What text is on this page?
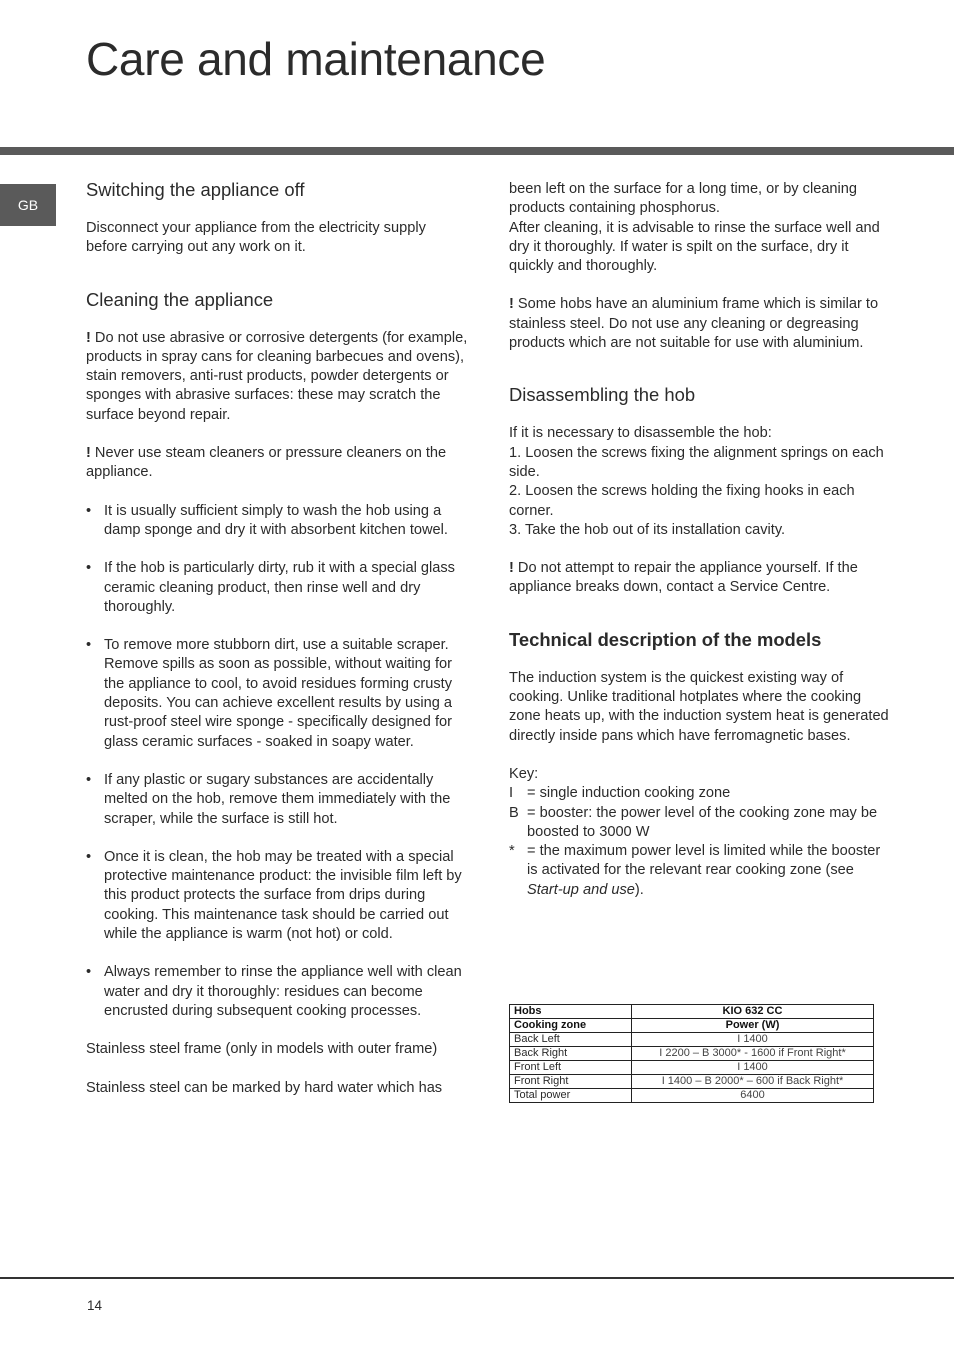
Care and maintenance
GB
Switching the appliance off

Disconnect your appliance from the electricity supply before carrying out any work on it.

Cleaning the appliance

! Do not use abrasive or corrosive detergents (for example, products in spray cans for cleaning barbecues and ovens), stain removers, anti-rust products, powder detergents or sponges with abrasive surfaces: these may scratch the surface beyond repair.

! Never use steam cleaners or pressure cleaners on the appliance.

• It is usually sufficient simply to wash the hob using a damp sponge and dry it with absorbent kitchen towel.
• If the hob is particularly dirty, rub it with a special glass ceramic cleaning product, then rinse well and dry thoroughly.
• To remove more stubborn dirt, use a suitable scraper. Remove spills as soon as possible, without waiting for the appliance to cool, to avoid residues forming crusty deposits. You can achieve excellent results by using a rust-proof steel wire sponge - specifically designed for glass ceramic surfaces - soaked in soapy water.
• If any plastic or sugary substances are accidentally melted on the hob, remove them immediately with the scraper, while the surface is still hot.
• Once it is clean, the hob may be treated with a special protective maintenance product: the invisible film left by this product protects the surface from drips during cooking. This maintenance task should be carried out while the appliance is warm (not hot) or cold.
• Always remember to rinse the appliance well with clean water and dry it thoroughly: residues can become encrusted during subsequent cooking processes.

Stainless steel frame (only in models with outer frame)

Stainless steel can be marked by hard water which has

been left on the surface for a long time, or by cleaning products containing phosphorus.

After cleaning, it is advisable to rinse the surface well and dry it thoroughly. If water is spilt on the surface, dry it quickly and thoroughly.

! Some hobs have an aluminium frame which is similar to stainless steel. Do not use any cleaning or degreasing products which are not suitable for use with aluminium.

Disassembling the hob

If it is necessary to disassemble the hob:

1. Loosen the screws fixing the alignment springs on each side.

2. Loosen the screws holding the fixing hooks in each corner.

3. Take the hob out of its installation cavity.

! Do not attempt to repair the appliance yourself. If the appliance breaks down, contact a Service Centre.

Technical description of the models

The induction system is the quickest existing way of cooking. Unlike traditional hotplates where the cooking zone heats up, with the induction system heat is generated directly inside pans which have ferromagnetic bases.

Key:

I = single induction cooking zone
B = booster: the power level of the cooking zone may be boosted to 3000 W
* = the maximum power level is limited while the booster is activated for the relevant rear cooking zone (see Start-up and use).
Hobs	KIO 632 CC
Cooking zone	Power (W)
Back Left	I 1400
Back Right	I 2200 – B 3000* - 1600 if Front Right*
Front Left	I 1400
Front Right	I 1400 – B 2000* – 600 if Back Right*
Total power	6400
14
